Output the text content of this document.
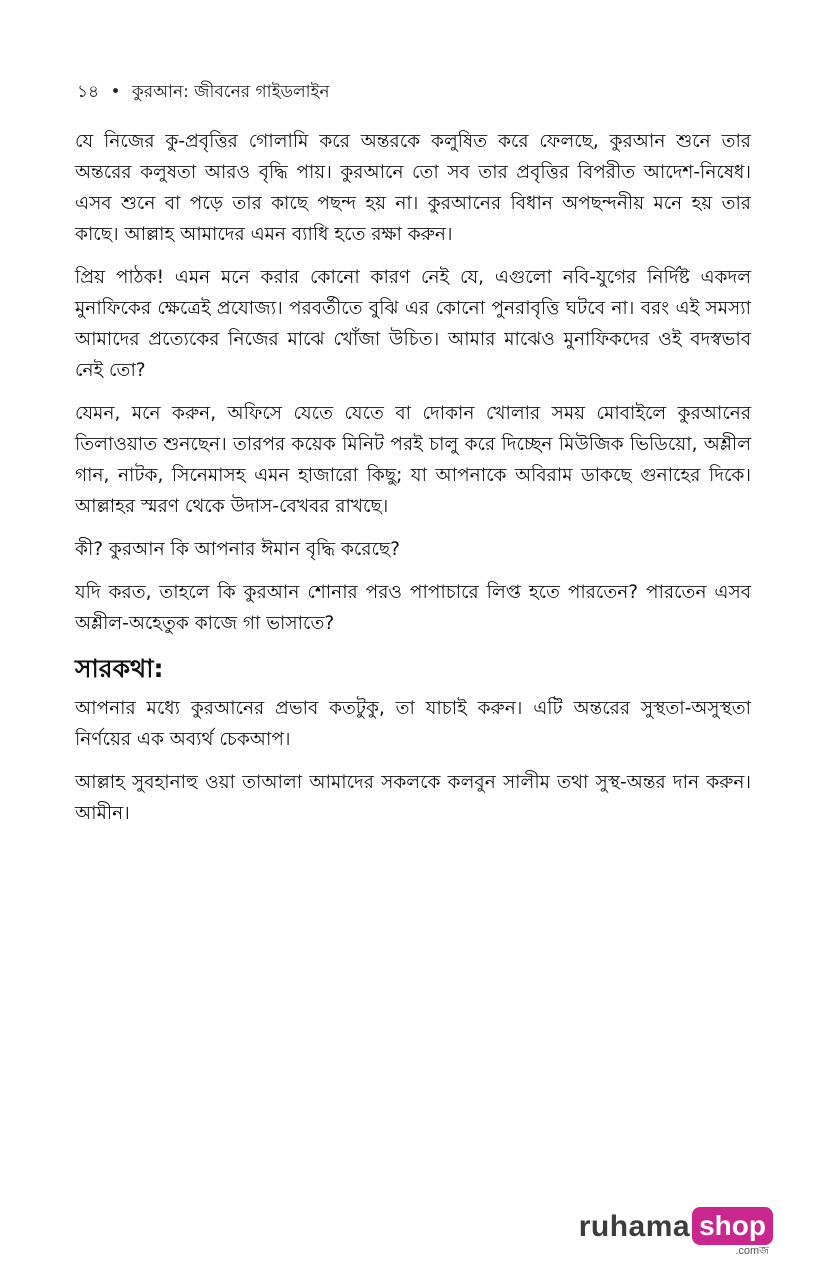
১৪ • কুরআন: জীবনের গাইডলাইন

যে নিজের কু-প্রবৃত্তির গোলামি করে অন্তরকে কলুষিত করে ফেলছে, কুরআন শুনে তার অন্তরের কলুষতা আরও বৃদ্ধি পায়। কুরআনে তো সব তার প্রবৃত্তির বিপরীত আদেশ-নিষেধ। এসব শুনে বা পড়ে তার কাছে পছন্দ হয় না। কুরআনের বিধান অপছন্দনীয় মনে হয় তার কাছে। আল্লাহ আমাদের এমন ব্যাধি হতে রক্ষা করুন।

প্রিয় পাঠক! এমন মনে করার কোনো কারণ নেই যে, এগুলো নবি-যুগের নির্দিষ্ট একদল মুনাফিকের ক্ষেত্রেই প্রযোজ্য। পরবর্তীতে বুঝি এর কোনো পুনরাবৃত্তি ঘটবে না। বরং এই সমস্যা আমাদের প্রত্যেকের নিজের মাঝে খোঁজা উচিত। আমার মাঝেও মুনাফিকদের ওই বদস্বভাব নেই তো?

যেমন, মনে করুন, অফিসে যেতে যেতে বা দোকান খোলার সময় মোবাইলে কুরআনের তিলাওয়াত শুনছেন। তারপর কয়েক মিনিট পরই চালু করে দিচ্ছেন মিউজিক ভিডিয়ো, অশ্লীল গান, নাটক, সিনেমাসহ এমন হাজারো কিছু; যা আপনাকে অবিরাম ডাকছে গুনাহের দিকে। আল্লাহর স্মরণ থেকে উদাস-বেখবর রাখছে।

কী? কুরআন কি আপনার ঈমান বৃদ্ধি করেছে?

যদি করত, তাহলে কি কুরআন শোনার পরও পাপাচারে লিপ্ত হতে পারতেন? পারতেন এসব অশ্লীল-অহেতুক কাজে গা ভাসাতে?

সারকথা:

আপনার মধ্যে কুরআনের প্রভাব কতটুকু, তা যাচাই করুন। এটি অন্তরের সুস্থতা-অসুস্থতা নির্ণয়ের এক অব্যর্থ চেকআপ।

আল্লাহ সুবহানাহু ওয়া তাআলা আমাদের সকলকে কলবুন সালীম তথা সুস্থ-অন্তর দান করুন। আমীন।

ruhama shop
.comজ
